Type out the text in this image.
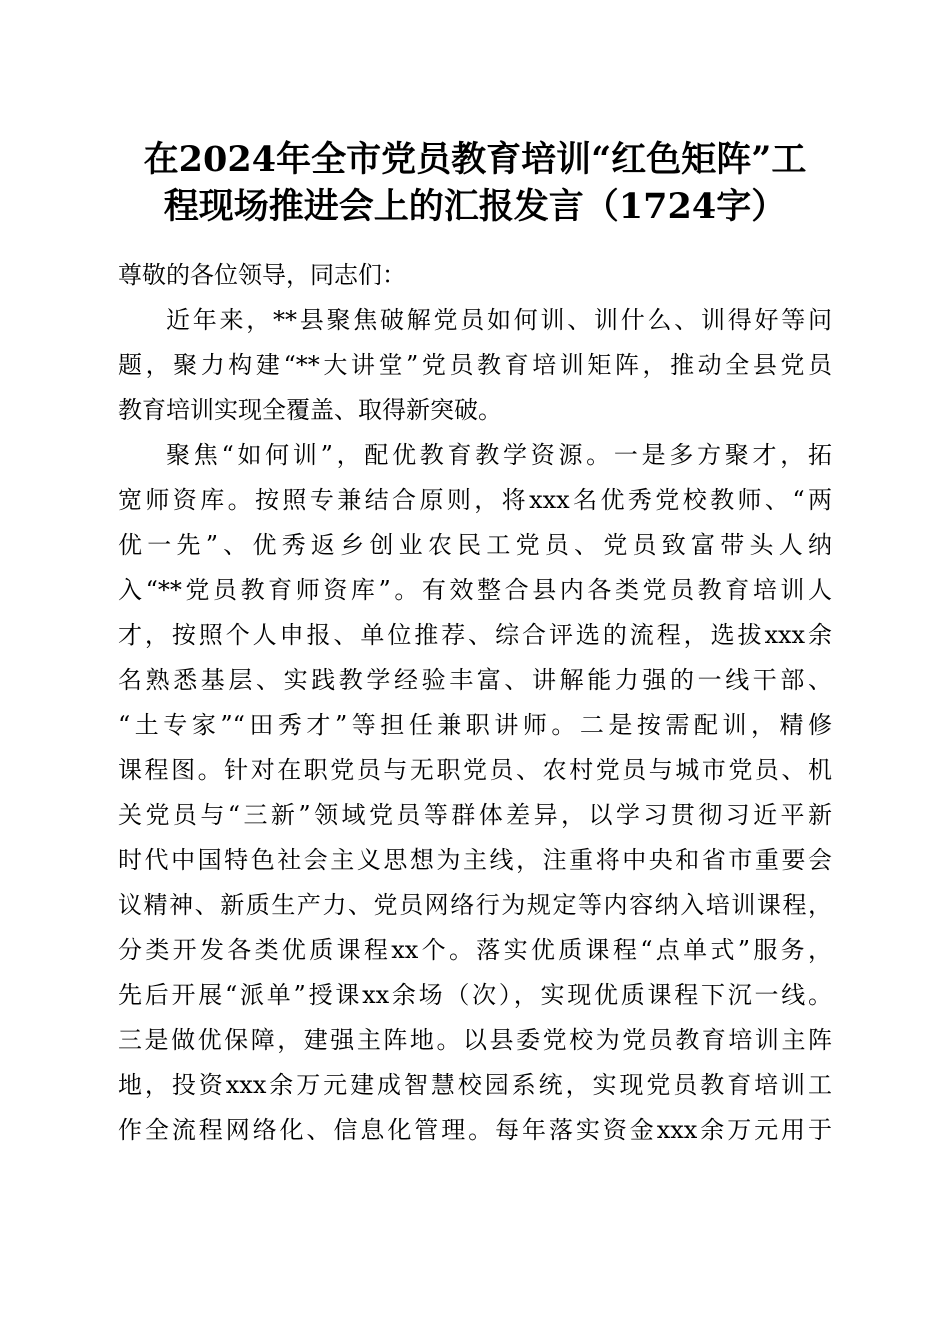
在2024年全市党员教育培训“红色矩阵”工
程现场推进会上的汇报发言（1724字）
尊敬的各位领导，同志们：
近年来，**县聚焦破解党员如何训、训什么、训得好等问
题，聚力构建“**大讲堂”党员教育培训矩阵，推动全县党员
教育培训实现全覆盖、取得新突破。
聚焦“如何训”，配优教育教学资源。一是多方聚才，拓
宽师资库。按照专兼结合原则，将xxx名优秀党校教师、“两
优一先”、优秀返乡创业农民工党员、党员致富带头人纳
入“**党员教育师资库”。有效整合县内各类党员教育培训人
才，按照个人申报、单位推荐、综合评选的流程，选拔xxx余
名熟悉基层、实践教学经验丰富、讲解能力强的一线干部、
“土专家”“田秀才”等担任兼职讲师。二是按需配训，精修
课程图。针对在职党员与无职党员、农村党员与城市党员、机
关党员与“三新”领域党员等群体差异，以学习贯彻习近平新
时代中国特色社会主义思想为主线，注重将中央和省市重要会
议精神、新质生产力、党员网络行为规定等内容纳入培训课程，
分类开发各类优质课程xx个。落实优质课程“点单式”服务，
先后开展“派单”授课xx余场（次），实现优质课程下沉一线。
三是做优保障，建强主阵地。以县委党校为党员教育培训主阵
地，投资xxx余万元建成智慧校园系统，实现党员教育培训工
作全流程网络化、信息化管理。每年落实资金xxx余万元用于
